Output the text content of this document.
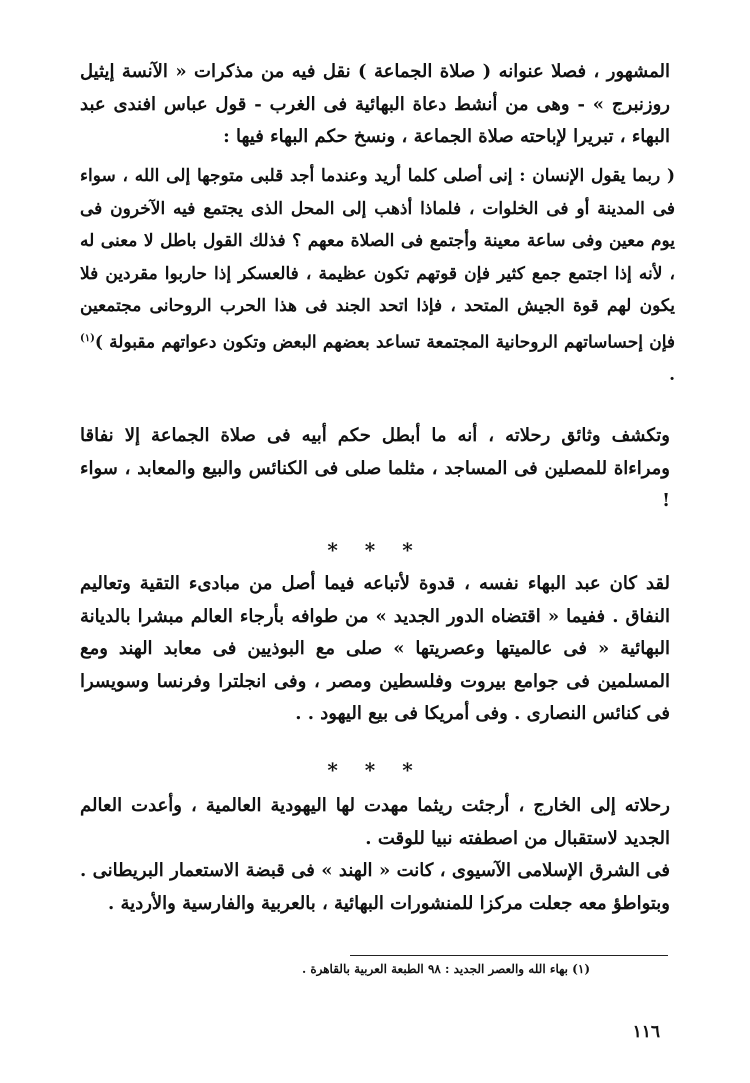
المشهور ، فصلا عنوانه ( صلاة الجماعة ) نقل فيه من مذكرات « الآنسة إيثيل روزنبرج » - وهى من أنشط دعاة البهائية فى الغرب - قول عباس افندى عبد البهاء ، تبريرا لإباحته صلاة الجماعة ، ونسخ حكم البهاء فيها :

( ربما يقول الإنسان : إنى أصلى كلما أريد وعندما أجد قلبى متوجها إلى الله ، سواء فى المدينة أو فى الخلوات ، فلماذا أذهب إلى المحل الذى يجتمع فيه الآخرون فى يوم معين وفى ساعة معينة وأجتمع فى الصلاة معهم ؟ فذلك القول باطل لا معنى له ، لأنه إذا اجتمع جمع كثير فإن قوتهم تكون عظيمة ، فالعسكر إذا حاربوا مقردين فلا يكون لهم قوة الجيش المتحد ، فإذا اتحد الجند فى هذا الحرب الروحانى مجتمعين فإن إحساساتهم الروحانية المجتمعة تساعد بعضهم البعض وتكون دعواتهم مقبولة )$^{(١)}$ .

وتكشف وثائق رحلاته ، أنه ما أبطل حكم أبيه فى صلاة الجماعة إلا نفاقا ومراءاة للمصلين فى المساجد ، مثلما صلى فى الكنائس والبيع والمعابد ، سواء !

* * *

لقد كان عبد البهاء نفسه ، قدوة لأتباعه فيما أصل من مبادىء التقية وتعاليم النفاق . ففيما « اقتضاه الدور الجديد » من طوافه بأرجاء العالم مبشرا بالديانة البهائية « فى عالميتها وعصريتها » صلى مع البوذيين فى معابد الهند ومع المسلمين فى جوامع بيروت وفلسطين ومصر ، وفى انجلترا وفرنسا وسويسرا فى كنائس النصارى . وفى أمريكا فى بيع اليهود . .

* * *

رحلاته إلى الخارج ، أرجئت ريثما مهدت لها اليهودية العالمية ، وأعدت العالم الجديد لاستقبال من اصطفته نبيا للوقت .

فى الشرق الإسلامى الآسيوى ، كانت « الهند » فى قبضة الاستعمار البريطانى . وبتواطؤ معه جعلت مركزا للمنشورات البهائية ، بالعربية والفارسية والأردية .

(١) بهاء الله والعصر الجديد : ٩٨ الطبعة العربية بالقاهرة .
١١٦
